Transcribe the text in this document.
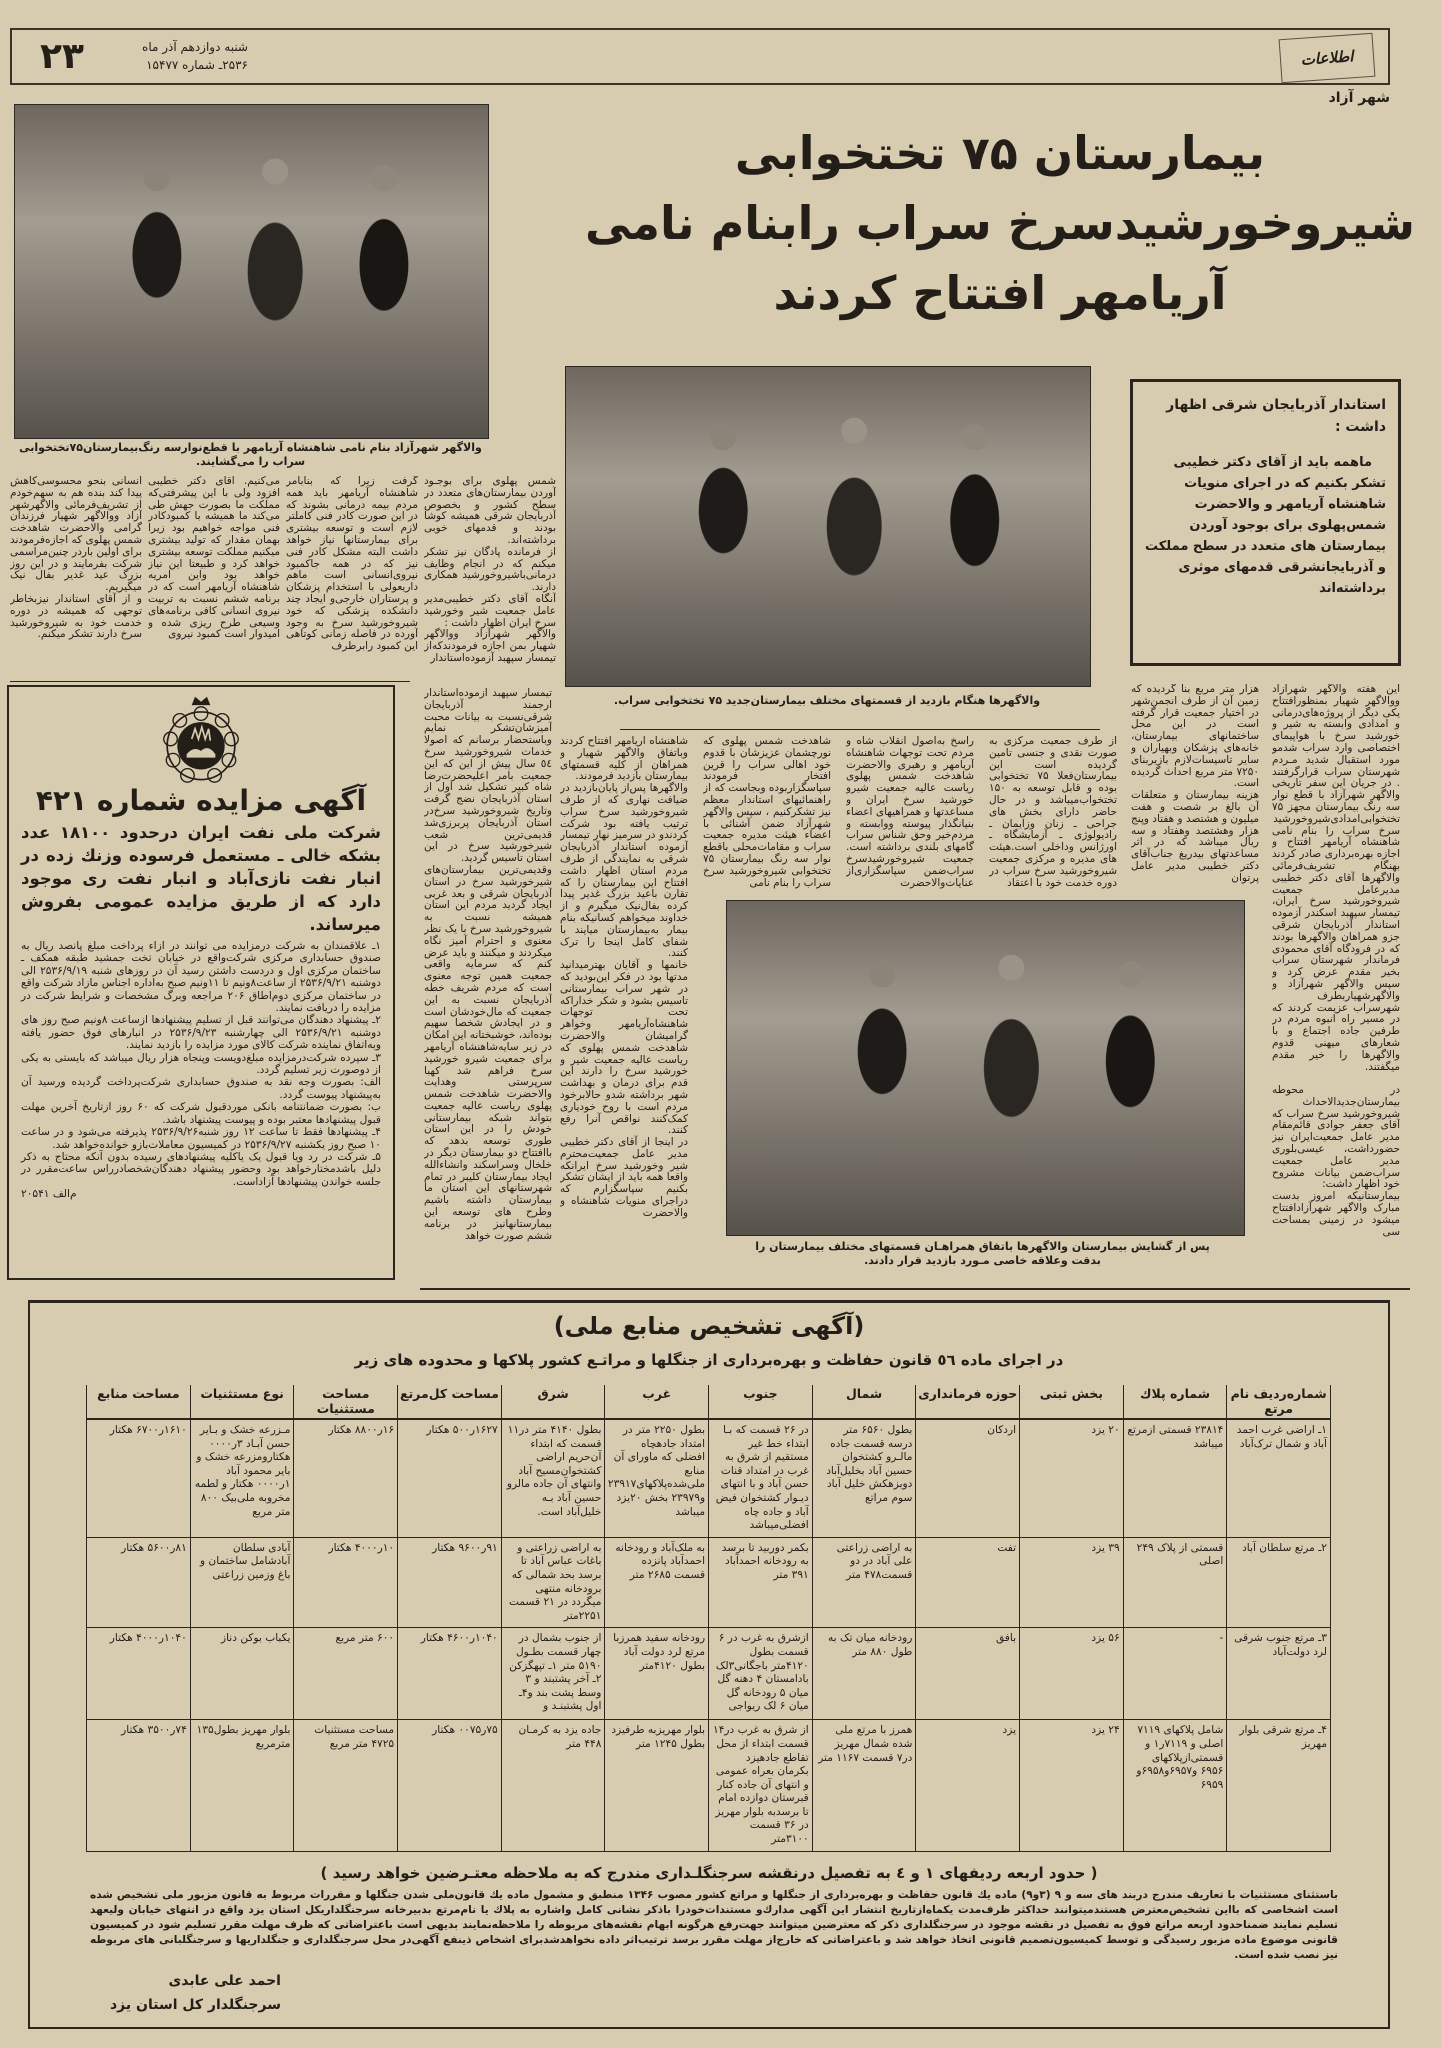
۲۳	شنبه دوازدهم آذر ماه
۲۵۳۶ـ شماره ۱۵۴۷۷	اطلاعات
شهر آزاد
بیمارستان ۷۵ تختخوابی
شیروخورشیدسرخ سراب رابنام نامی
آریامهر افتتاح کردند
والاگهر شهرآزاد بنام نامی شاهنشاه آریامهر با قطع‌نوارسه رنگ‌بیمارستان۷۵تختخوابی سراب را می‌گشایند.
والاگهرها هنگام بازدید از قسمتهای مختلف بیمارستان‌جدید ۷۵ تختخوابی سراب.
استاندار آذربایجان شرقی اظهار داشت :
ماهمه باید از آقای دکتر خطیبی تشکر بکنیم که در اجرای منویات شاهنشاه آریامهر و والاحضرت شمس‌پهلوی برای بوجود آوردن بیمارستان های متعدد در سطح مملکت و آذربایجانشرقی قدمهای موثری برداشته‌اند
شمس پهلوی برای بوجـود آوردن بیمارستان‌های متعدد در سطح کشور و بخصوص آذربایجان شرقی همیشه کوشا بودند و قدمهای خوبی برداشته‌اند.
از فرمانده پادگان نیز تشکر میکنم که در انجام وظایف درمانی‌باشیروخورشید همکاری دارند.
آنگاه آقای دکتر خطیبی‌مدیر عامل جمعیت شیر وخورشید سرخ ایران اظهار داشت :
والاگهر شهرآزاد ووالاگهر شهیار بمن اجازه فرمودندکه‌از تیمسار سپهبد آزموده‌استاندار
گرفت زیرا که بنابامر شاهنشاه آریامهر باید همه مردم بیمه درمانی بشوند که در این صورت کادر فنی کاملتر لازم است و توسعه بیشتری برای بیمارستانها نیاز خواهد داشت البته مشکل کادر فنی نیز که در همه جاکمبود نیروی‌انسانی است ماهم داریعولی با استخدام پزشکان و پرستاران خارجی‌و ایجاد چند دانشکده پزشکی که خود شیروخورشید سرخ به وجود آورده در فاصله زمانی کوتاهی این کمبود رابرطرف
می‌کنیم. آقای دکتر خطیبی افزود ولی با این پیشرفتی‌که مملکت ما بصورت جهش طی می‌کند ما همیشه با کمبودکادر فنی مواجه خواهیم بود زیرا بهمان مقدار که تولید بیشتری میکنیم مملکت توسعه بیشتری خواهد کرد و طبیعتا این نیاز خواهد بود واین امریه شاهنشاه آریامهر است که در برنامه ششم نسبت به تربیت نیروی انسانی کافی برنامه‌های وسیعی طرح ریزی شده و امیدوار است کمبود نیروی
انسانی بنحو محسوسی‌کاهش پیدا کند بنده هم به سهم‌خودم از تشریف‌فرمائی والاگهرشهر آزاد ووالاگهر شهیار فرزندان گرامی والاحضرت شاهدخت شمس پهلوی که اجازه‌فرمودند برای اولین باردر چنین‌مراسمی شرکت بفرمایند و در این روز بزرگ عید غدیر بفال نیک میگیریم.
و از آقای استاندار نیزبخاطر توجهی که همیشه در دوره خدمت خود به شیروخورشید سرخ دارند تشکر میکنم.
آگهی مزایده شماره ۴۲۱
شرکت ملی نفت ایران درحدود ۱۸۱۰۰ عدد بشکه خالی ـ مستعمل فرسوده وزنك زده در انبار نفت نازی‌آباد و انبار نفت ری موجود دارد که از طریق مزایده عمومی بفروش میرساند.
۱ـ علاقمندان به شرکت درمزایده می توانند در ازاء پرداخت مبلغ پانصد ریال به صندوق حسابداری مرکزی شرکت‌واقع در خیابان تخت جمشید طبقه همکف ـ ساختمان مرکزی اول و دردست داشتن رسید آن در روزهای شنبه ۲۵۳۶/۹/۱۹ الی دوشنبه ۲۵۳۶/۹/۲۱ از ساعت۸ونیم تا ۱۱ونیم صبح به‌اداره اجناس مازاد شرکت واقع در ساختمان مرکزی دوم‌اطاق ۲۰۶ مراجعه وبرگ مشخصات و شرایط شرکت در مزایده را دریافت نمایند.
۲ـ پیشنهاد دهندگان می‌توانند قبل از تسلیم پیشنهادها ازساعت ۸ونیم صبح روز های دوشنبه ۲۵۳۶/۹/۲۱ الی چهارشنبه ۲۵۳۶/۹/۲۳ در انبارهای فوق حضور یافته وبه‌اتفاق نماینده شرکت کالای مورد مزایده را بازدید نمایند.
۳ـ سپرده شرکت‌درمزایده مبلغ‌دویست وپنجاه هزار ریال میباشد که بایستی به یکی از دوصورت زیر تسلیم گردد.
الف: بصورت وجه نقد به صندوق حسابداری شرکت‌پرداخت گردیده ورسید آن به‌پیشنهاد پیوست گردد.
ب: بصورت ضمانتنامه بانکی موردقبول شرکت که ۶۰ روز ازتاریخ آخرین مهلت قبول پیشنهادها معتبر بوده و پیوست پیشنهاد باشد.
۴ـ پیشنهادها فقط تا ساعت ۱۲ روز شنبه۲۵۳۶/۹/۲۶ پذیرفته می‌شود و در ساعت ۱۰ صبح روز یکشنبه ۲۵۳۶/۹/۲۷ در کمیسیون معاملات‌بازو خوانده‌خواهد شد.
۵ـ شرکت در رد ویا قبول یک یاکلیه پیشنهادهای رسیده بدون آنکه محتاج به ذکر دلیل باشد‌مختارخواهد بود وحضور پیشنهاد دهندگان‌شخصادرراس ساعت‌مقرر در جلسه خواندن پیشنهادها آزاداست.
م‌الف ۲۰۵۴۱
تیمسار سپهبد آزموده‌استاندار ارجمند آذربایجان شرقی‌نسبت به بیانات محبت آمیزشان‌تشکر نمایم وباستحضار برسانم که اصولا خدمات شیروخورشید سرخ ٥٤ سال پیش از این که این جمعیت بامر اعلیحضرت‌رضا شاه کبیر تشکیل شد اول از استان آذربایجان نضج گرفت وتاریخ شیروخورشید سرخ‌در استان آذربایجان پربرزی‌شد قدیمی‌ترین شعب شیرخورشید سرخ در این استان تاسیس گردید.
وقدیمی‌ترین بیمارستان‌های شیرخورشید سرخ در استان آذربایجان شرقی و بعد غربی ایجاد گردید مردم این استان همیشه نسبت به شیروخورشید سرخ با یک نظر معنوی و احترام آمیز نگاه میکردند و میکنند و باید عرض کنم که سرمایه واقعی جمعیت همین توجه معنوی است که مردم شریف خطه آذربایجان نسبت به این جمعیت که مال‌خودشان است و در ایجادش شخصا سهیم بوده‌اند، خوشبختانه این امکان در زیر سایه‌شاهنشاه آریامهر برای جمعیت شیرو خورشید سرخ فراهم شد کهبا سرپرستی وهدایت والاحضرت شاهدخت شمس پهلوی ریاست عالیه جمعیت بتواند شبکه بیمارستانی خودش را در این استان طوری توسعه بدهد که باافتتاح دو بیمارستان دیگر در خلخال وسراسکند وانشاءالله ایجاد بیمارستان کلیبر در تمام شهرستانهای این استان ما بیمارستان داشته باشیم وطرح های توسعه این بیمارستانهانیز در برنامه ششم صورت خواهد
شاهنشاه آریامهر افتتاح کردند وباتفاق والاگهر شهیار و همراهان از کلیه قسمتهای بیمارستان بازدید فرمودند.
والاگهرها پس‌از پایان‌بازدید در ضیافت نهاری که از طرف شیروخورشید سرخ سراب ترتیب یافته بود شرکت کردندو در سرمیز نهار تیمسار آزموده استاندار آذربایجان شرقی به نمایندگی از طرف مردم استان اظهار داشت افتتاح این بیمارستان را که تقارن باعید بزرگ غدیر پیدا کرده بفال‌نیک میگیرم و از خداوند میخواهم کسانیکه بنام بیمار به‌بیمارستان میایند با شفای کامل اینجا را ترک کنند.
خانمها و آقایان بهترمیدانید مدتها بود در فکر این‌بودید که در شهر سراب بیمارستانی تاسیس بشود و شکر خداراکه تحت توجهات شاهنشاه‌آریامهر وخواهر گرامیشان والاحضرت شاهدخت شمس پهلوی که ریاست عالیه جمعیت شیر و خورشید سرخ را دارند این قدم برای درمان و بهداشت شهر برداشته شدو حالابرخود مردم است با روح خودیاری کمک‌کنند نواقص آنرا رفع کنند.
در اینجا از آقای دکتر خطیبی مدیر عامل جمعیت‌محترم شیر وخورشید سرخ ایرانکه واقعا همه باید از ایشان تشکر بکنیم سپاسگزارم که دراجرای منویات شاهنشاه و والاحضرت
شاهدخت شمس پهلوی که نورچشمان عزیزشان با قدوم خود اهالی سراب را قرین افتخار فرمودند سپاسگزاربوده وبجاست که از راهنمائیهای استاندار معظم نیز تشکرکنیم ، سپس والاگهر شهرآزاد ضمن آشنائی با اعضاء هیئت مدیره جمعیت سراب و مقامات‌محلی باقطع نوار سه رنگ بیمارستان ۷۵ تختخوابی شیروخورشید سرخ سراب را بنام نامی
راسخ به‌اصول انقلاب شاه و مردم تحت توجهات شاهنشاه آریامهر و رهبری والاحضرت شاهدخت شمس پهلوی ریاست عالیه جمعیت شیرو خورشید سرخ ایران و مساعدتها و همراهیهای اعضاء بنیانگذار پیوسته ووابسته و مردم‌خیر وحق شناس سراب گامهای بلندی برداشته است. جمعیت شیروخورشیدسرخ سراب‌ضمن سپاسگزاری‌از عنایات‌والاحضرت
از طرف جمعیت مرکزی به صورت نقدی و جنسی تامین گردیده است این بیمارستان‌فعلا ۷۵ تختخوابی بوده و قابل توسعه به ۱۵۰ تختخواب‌میباشد و در حال حاضر دارای بخش های جراحی ـ زنان وزایمان ـ رادیولوژی ـ آزمایشگاه ـ اورژانس وداخلی است.هیئت های مدیره و مرکزی جمعیت شیروخورشید سرخ سراب در دوره خدمت خود با اعتقاد
هزار متر مربع بنا گردیده که زمین آن از طرف انجمن‌شهر در اختیار جمعیت قرار گرفته است در این محل ساختمانهای بیمارستان، خانه‌های پزشکان وبهیاران و سایر تاسیسات‌لازم بازیربنای ۷۲۵۰ متر مربع احداث گردیده است.
هزینه بیمارستان و متعلقات آن بالغ بر شصت و هفت میلیون و هشتصد و هفتاد وپنج هزار وهشتصد وهفتاد و سه ریال میباشد که در اثر مساعدتهای بیدریغ جناب‌آقای دکتر خطیبی مدیر عامل پرتوان
این هفته والاگهر شهرآزاد ووالاگهر شهیار بمنظورافتتاح یکی دیگر از پروژه‌های‌درمانی و امدادی وابسته به شیر و خورشید سرخ با هواپیمای اختصاصی وارد سراب شدمو مورد استقبال شدید مـردم شهرستان سراب قرارگرفتند . در جریان این سفر تاریخی والاگهر شهرآزاد با قطع نوار سه رنگ بیمارستان مجهز ۷۵ تختخوابی‌امدادی‌شیروخورشید سرخ سراب را بنام نامی شاهنشاه آریامهر افتتاح و اجازه بهره‌برداری صادر کردند بهنگام تشریف‌فرمائی والاگهرها آقای دکتر خطیبی مدیرعامل جمعیت شیروخورشید سرخ ایران، تیمسار سپهبد اسکندر آزموده استاندار آذربایجان شرقی جزو همراهان والاگهرها بودند که در فرودگاه آقای محمودی فرماندار شهرستان سراب بخیر مقدم عرض کرد و سپس والاگهر شهرآزاد و والاگهرشهیاربطرف شهرسراب عزیمت کردند که در مسیر راه انبوه مردم در طرفین جاده اجتماع و با شعارهای میهنی قدوم والاگهرها را خیر مقدم میگفتند.

در محوطه بیمارستان‌جدیدالاحداث شیروخورشید سرخ سراب که آقای جعفر جوادی قائم‌مقام مدیر عامل جمعیت‌ایران نیز حضورداشت، عیسی‌بلوری مدیر عامل جمعیت سراب‌ضمن بیانات مشروح خود اظهار داشت:
بیمارستانیکه امروز بدست مبارک والاگهر شهرآزادافتتاح میشود در زمینی بمساحت سی
پس از گشایش بیمارستان والاگهرها باتفاق همراهـان قسمتهای مختلف بیمارستان را
بدقت وعلاقه خاصی مـورد بازدید قرار دادند.
(آگهی تشخیص منابع ملی)
در اجرای ماده ٥٦ قانون حفاظت و بهره‌برداری از جنگلها و مراتـع کشور پلاکها و محدوده های زیر
شماره‌ردیف نام مرتع	شماره پلاك	بخش ثبتی	حوزه فرمانداری	شمال	جنوب	غرب	شرق	مساحت کل‌مرتع	مساحت مستثنیات	نوع مستثنیات	مساحت منابع
۱ـ اراضی غرب احمد آباد و شمال ترک‌آباد	۲۳۸۱۴ قسمتی ازمرتع میباشد	۲۰ یزد	اردکان	بطول ۶۵۶۰ متر درسه قسمت جاده مالـرو کشتخوان حسین آباد بخلیل‌آباد دوبزهکش خلیل آباد سوم مراتع	در ۲۶ قسمت که بـا ابتداء خط غیر مستقیم از شرق به غرب در امتداد قنات حسن آباد و با انتهای دیـوار کشتخوان فیض آباد و جاده چاه افضلی‌میباشد	بطول ۲۲۵۰ متر در امتداد جادهچاه افضلی که ماورای آن منابع ملی‌شده‌پلاکهای۲۳۹۱۷ و۲۳۹۷۹ بخش ۲۰یزد میباشد	بطول ۴۱۴۰ متر در۱۱ قسمت که ابتداء آن‌حریم اراضی کشتخوان‌مسیح آباد وانتهای آن جاده مالرو حسین آباد بـه خلیل‌آباد است.	۱۶۲۷ر۵۰۰ هکتار	۱۶ر۸۸۰۰ هکتار	مـزرعه خشک و بـایر حسن آبـاد ۳ر۰۰۰۰ هکتارومزرعه خشک و بایر محمود آباد ۱ر۰۰۰۰ هکتار و لطمه مخروبه ملی‌بیک ۸۰۰ متر مربع	۱۶۱۰ر۶۷۰۰ هکتار
۲ـ مرتع سلطان آباد	قسمتی از پلاک ۲۴۹ اصلی	۳۹ یزد	تفت	به اراضی زراعتی علی آباد در دو قسمت۴۷۸ متر	بکمر دوربید تا برسد به رودخانه احمدآباد ۳۹۱ متر	به ملک‌آباد و رودخانه احمدآباد پانزده قسمت ۲۶۸۵ متر	به اراضی زراعتی و باغات عباس آباد تا برسد بحد شمالی که برودخانه منتهی میگردد در ۲۱ قسمت ۲۲۵۱متر	۹۱ر۹۶۰۰ هکتار	۱۰ر۴۰۰۰ هکتار	آبادی سلطان آبادشامل ساختمان و باغ وزمین زراعتی	۸۱ر۵۶۰۰ هکتار
۳ـ مرتع جنوب شرقی لرد دولت‌آباد	-	۵۶ یزد	بافق	رودخانه میان تک به طول ۸۸۰ متر	ازشرق به غرب در ۶ قسمت بطول ۴۱۲۰متر باجگانی۳لک بادامستان ۴ دهنه گل میان ۵ رودخانه گل میان ۶ لک ریواجی	رودخانه سفید همرزبا مرتع لرد دولت آباد بطول ۴۱۲۰متر	از جنوب بشمال در چهار قسمت بطـول ۵۱۹۰ متر ۱ـ تپهگزکن ۲ـ آخر پشتبند و ۳ وسط پشت بند و۴ـ اول پشتبنـد و	۱۰۴۰ر۴۶۰۰ هکتار	۶۰۰ متر مربع	یکباب بوکن دناز	۱۰۴۰ر۴۰۰۰ هکتار
۴ـ مرتع شرقی بلوار مهریز	شامل پلاکهای ۷۱۱۹ اصلی و ۷۱۱۹ر۱ و قسمتی‌ازپلاکهای ۶۹۵۶ و۶۹۵۷و۶۹۵۸و ۶۹۵۹	۲۴ یزد	یزد	همرز با مرتع ملی شده شمال مهریز در۷ قسمت ۱۱۶۷ متر	از شرق به غرب در۱۴ قسمت ابتداء از محل تقاطع جادهیزد بکرمان بعراه عمومی و انتهای آن جاده کنار قبرستان دوازده امام تا برسدبه بلوار مهریز در ۳۶ قسمت ۳۱۰۰متر	بلوار مهریزبه طرفیزد بطول ۱۲۴۵ متر	جاده یزد به کرمـان ۴۴۸ متر	۷۵ر۰۰۷۵ هکتار	مساحت مستثنیات ۴۷۲۵ متر مربع	بلوار مهریز بطول۱۳۵ مترمربع	۷۴ر۳۵۰۰ هکتار
( حدود اربعه ردیفهای ۱ و ٤ به تفصیل درنقشه سرجنگلـداری مندرج که به ملاحظه معتـرضین خواهد رسید )
باستثنای مستثنیات با تعاریف مندرج دربند های سه و ۹ (۳و۹) ماده یك قانون حفاظت و بهره‌برداری از جنگلها و مراتع کشور مصوب ۱۳۴۶ منطبق و مشمول ماده یك قانون‌ملی شدن جنگلها و مقررات مربوط به قانون مزبور ملی تشخیص شده است اشخاصی که بااین تشخیص‌معترض هستند‌میتوانند حداکثر ظرف‌مدت یکماه‌ازتاریخ انتشار این آگهی مدارك‌و مستندات‌خودرا باذکر نشانی کامل واشاره به پلاك یا نام‌مرتع بدبیرخانه سرجنگلداریکل استان یزد واقع در انتهای خیابان ولیعهد تسلیم نمایند ضمناحدود اربعه مراتع فوق به تفصیل در نقشه موجود در سرجنگلداری ذکر که معترضین میتوانند جهت‌رفع هرگونه ابهام نقشه‌های مربوطه را ملاحظه‌نمایند بدیهی است باعتراضاتی که ظرف مهلت مقرر تسلیم شود در کمیسیون قانونی موضوع ماده مزبور رسیدگی و توسط کمیسیون‌تصمیم قانونی اتخاذ خواهد شد و باعتراضاتی که خارج‌از مهلت مقرر برسد ترتیب‌اثر داده نخواهدشد‌برای اشخاص ذینفع آگهی‌در محل سرجنگلداری و جنگلداریها و سرجنگلبانی های مربوطه نیز نصب شده است.
احمد علی عابدی
سرجنگلدار کل استان یزد
